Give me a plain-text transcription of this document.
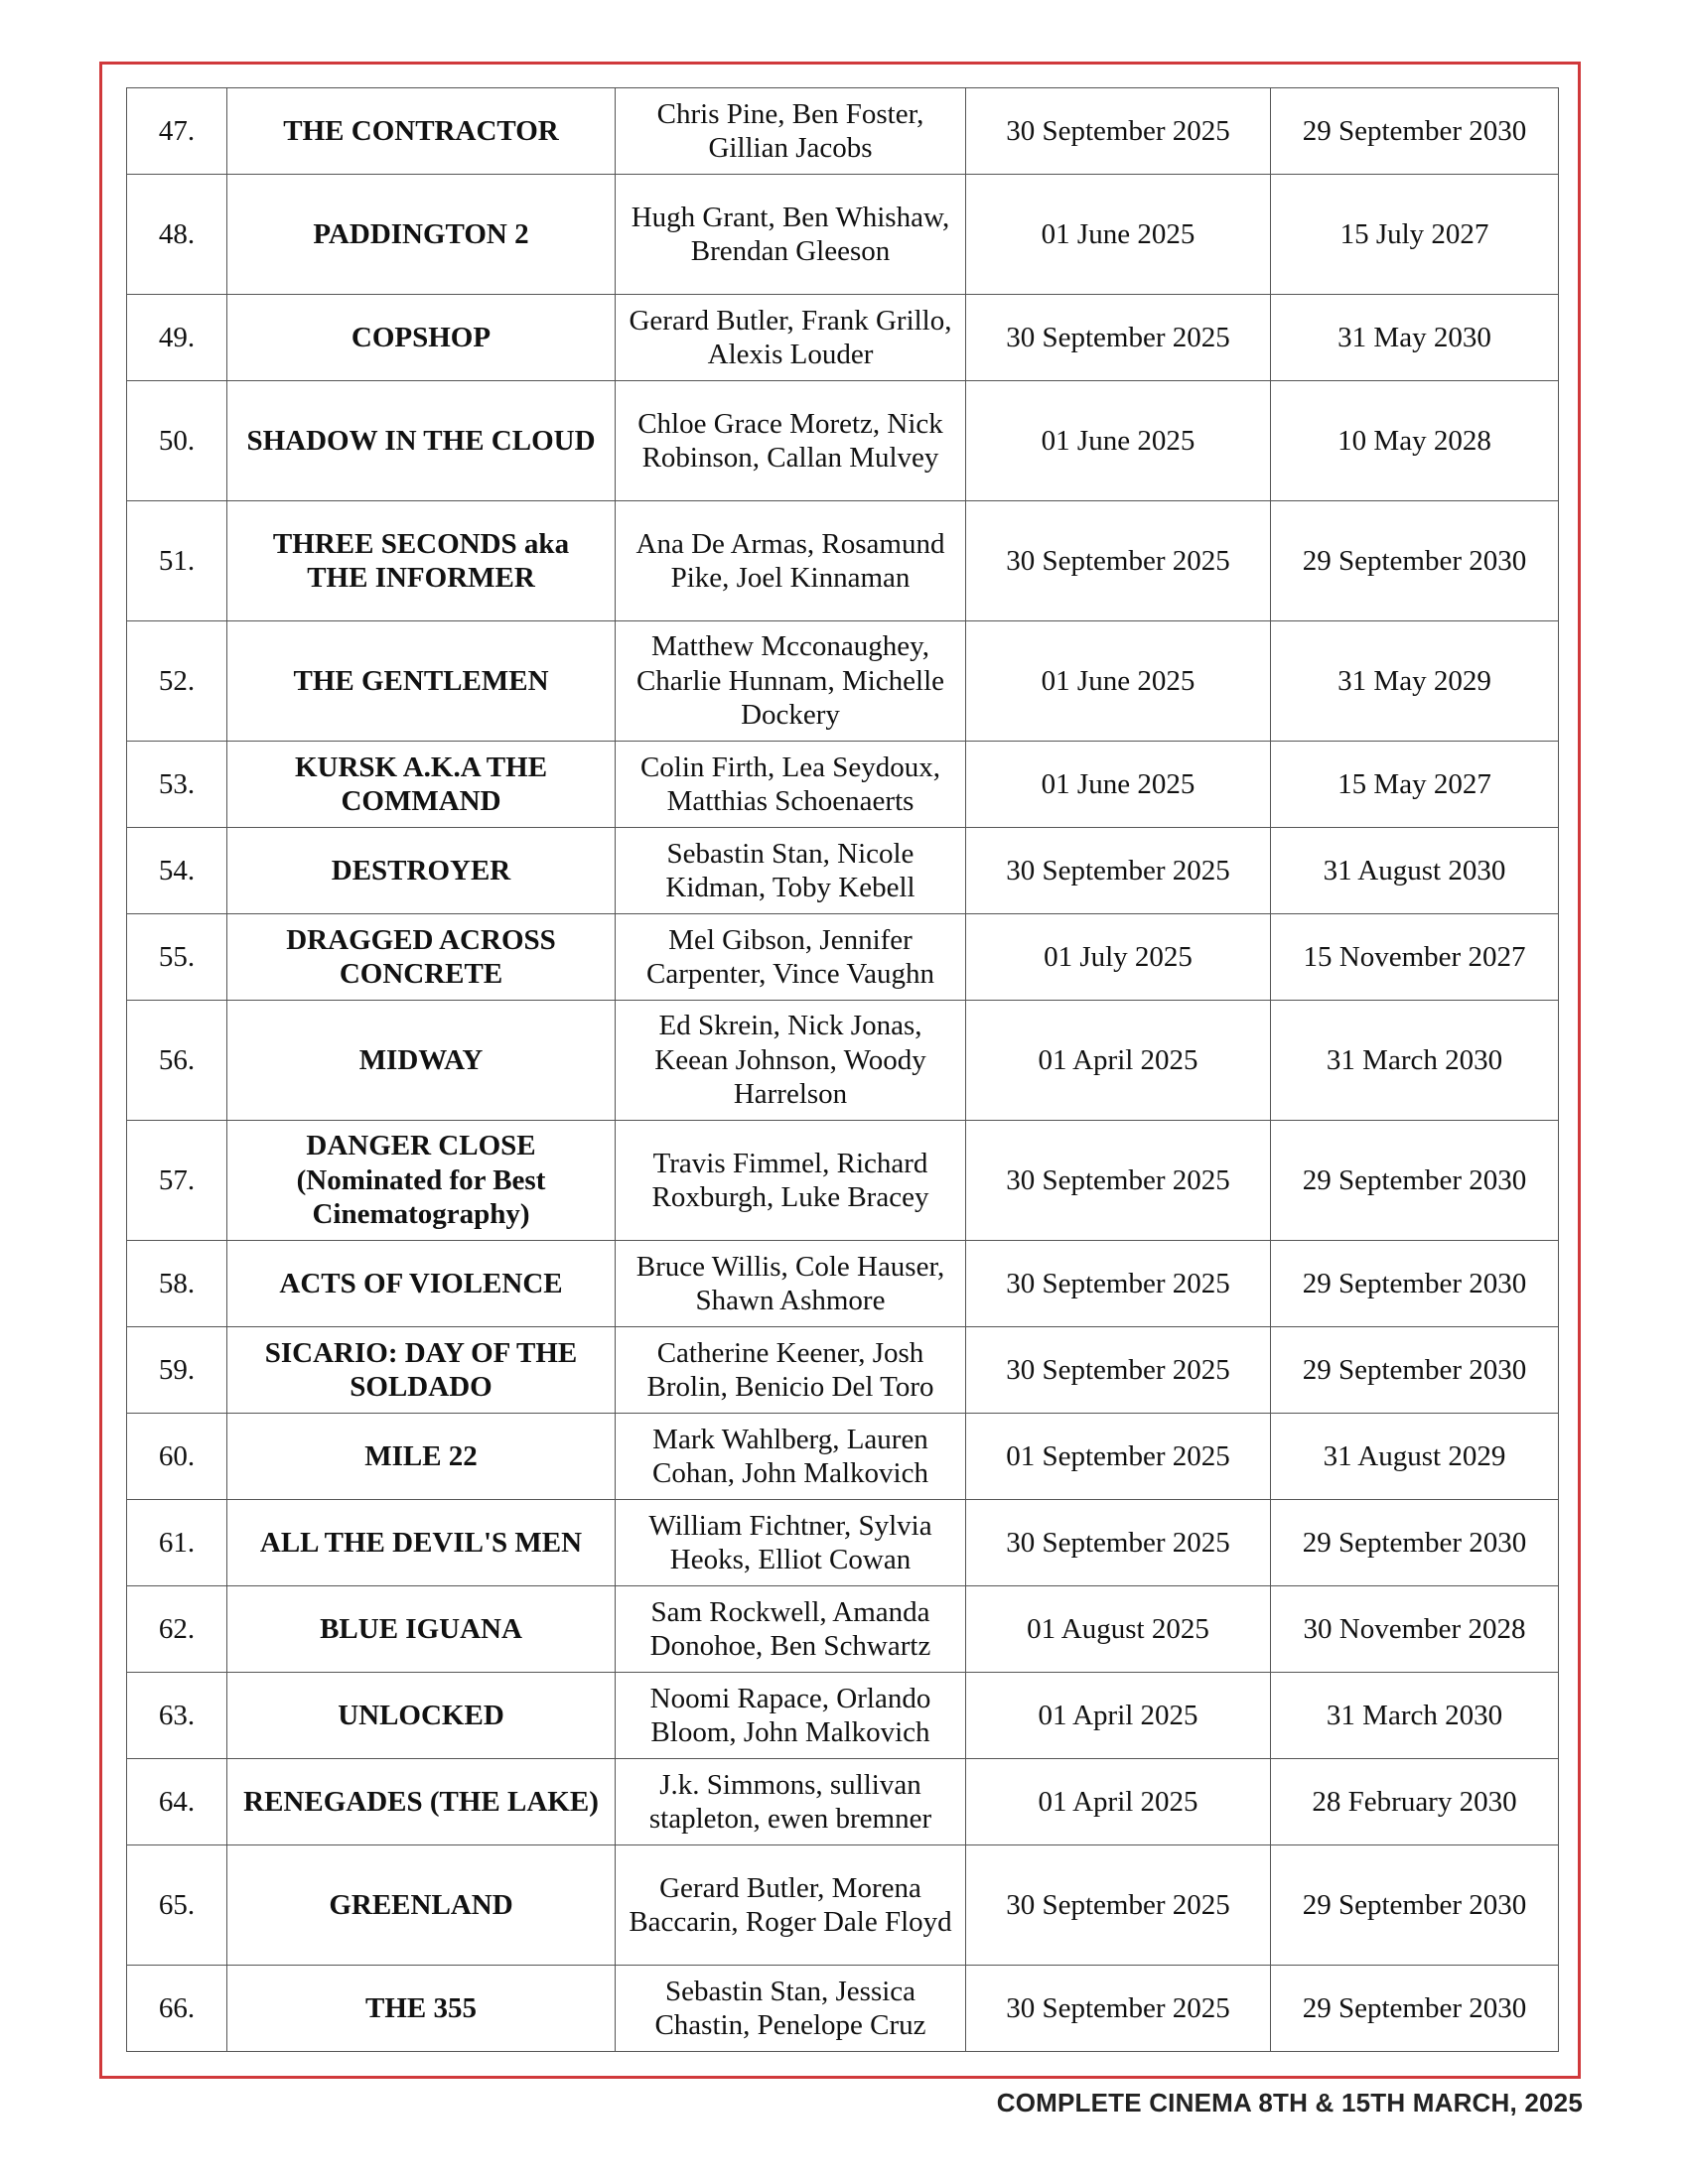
47.	THE CONTRACTOR	Chris Pine, Ben Foster, Gillian Jacobs	30 September 2025	29 September 2030
48.	PADDINGTON 2	Hugh Grant, Ben Whishaw, Brendan Gleeson	01 June 2025	15 July 2027
49.	COPSHOP	Gerard Butler, Frank Grillo, Alexis Louder	30 September 2025	31 May 2030
50.	SHADOW IN THE CLOUD	Chloe Grace Moretz, Nick Robinson, Callan Mulvey	01 June 2025	10 May 2028
51.	THREE SECONDS aka THE INFORMER	Ana De Armas, Rosamund Pike, Joel Kinnaman	30 September 2025	29 September 2030
52.	THE GENTLEMEN	Matthew Mcconaughey, Charlie Hunnam, Michelle Dockery	01 June 2025	31 May 2029
53.	KURSK A.K.A THE COMMAND	Colin Firth, Lea Seydoux, Matthias Schoenaerts	01 June 2025	15 May 2027
54.	DESTROYER	Sebastin Stan, Nicole Kidman, Toby Kebell	30 September 2025	31 August 2030
55.	DRAGGED ACROSS CONCRETE	Mel Gibson, Jennifer Carpenter, Vince Vaughn	01 July 2025	15 November 2027
56.	MIDWAY	Ed Skrein, Nick Jonas, Keean Johnson, Woody Harrelson	01 April 2025	31 March 2030
57.	DANGER CLOSE (Nominated for Best Cinematography)	Travis Fimmel, Richard Roxburgh, Luke Bracey	30 September 2025	29 September 2030
58.	ACTS OF VIOLENCE	Bruce Willis, Cole Hauser, Shawn Ashmore	30 September 2025	29 September 2030
59.	SICARIO: DAY OF THE SOLDADO	Catherine Keener, Josh Brolin, Benicio Del Toro	30 September 2025	29 September 2030
60.	MILE 22	Mark Wahlberg, Lauren Cohan, John Malkovich	01 September 2025	31 August 2029
61.	ALL THE DEVIL'S MEN	William Fichtner, Sylvia Heoks, Elliot Cowan	30 September 2025	29 September 2030
62.	BLUE IGUANA	Sam Rockwell, Amanda Donohoe, Ben Schwartz	01 August 2025	30 November 2028
63.	UNLOCKED	Noomi Rapace, Orlando Bloom, John Malkovich	01 April 2025	31 March 2030
64.	RENEGADES (THE LAKE)	J.k. Simmons, sullivan stapleton, ewen bremner	01 April 2025	28 February 2030
65.	GREENLAND	Gerard Butler, Morena Baccarin, Roger Dale Floyd	30 September 2025	29 September 2030
66.	THE 355	Sebastin Stan, Jessica Chastin, Penelope Cruz	30 September 2025	29 September 2030
COMPLETE CINEMA 8TH & 15TH MARCH, 2025
